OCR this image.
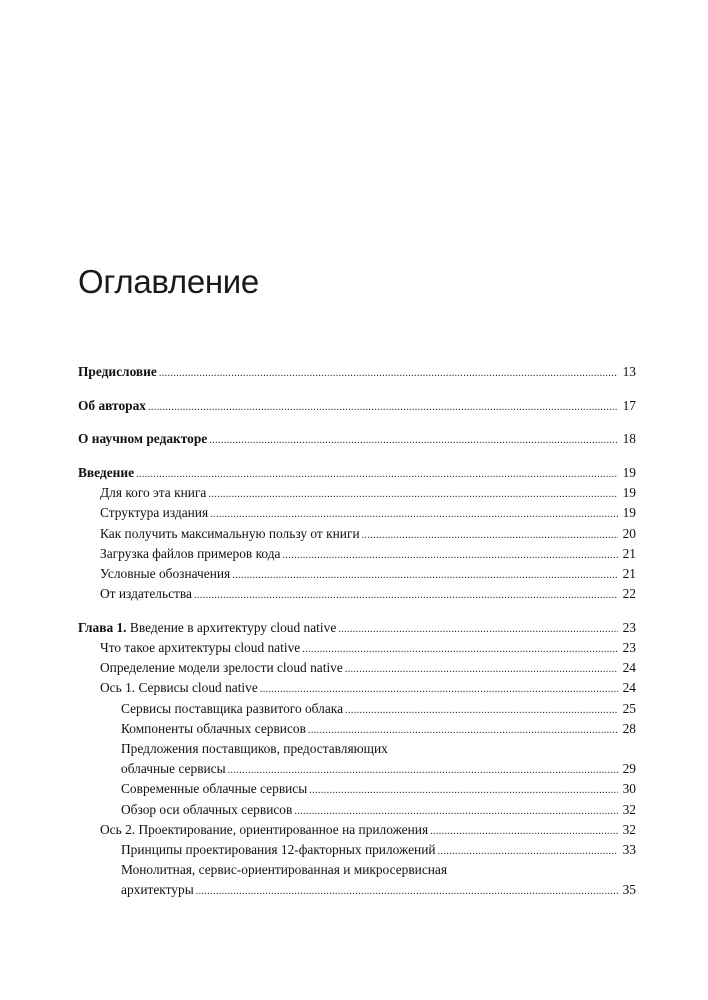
Оглавление
Предисловие .....	13
Об авторах .....	17
О научном редакторе .....	18
Введение .....	19
Для кого эта книга .....	19
Структура издания .....	19
Как получить максимальную пользу от книги .....	20
Загрузка файлов примеров кода .....	21
Условные обозначения .....	21
От издательства .....	22
Глава 1. Введение в архитектуру cloud native .....	23
Что такое архитектуры cloud native .....	23
Определение модели зрелости cloud native .....	24
Ось 1. Сервисы cloud native .....	24
Сервисы поставщика развитого облака .....	25
Компоненты облачных сервисов .....	28
Предложения поставщиков, предоставляющих
облачные сервисы .....	29
Современные облачные сервисы .....	30
Обзор оси облачных сервисов .....	32
Ось 2. Проектирование, ориентированное на приложения .....	32
Принципы проектирования 12-факторных приложений .....	33
Монолитная, сервис-ориентированная и микросервисная
архитектуры .....	35
